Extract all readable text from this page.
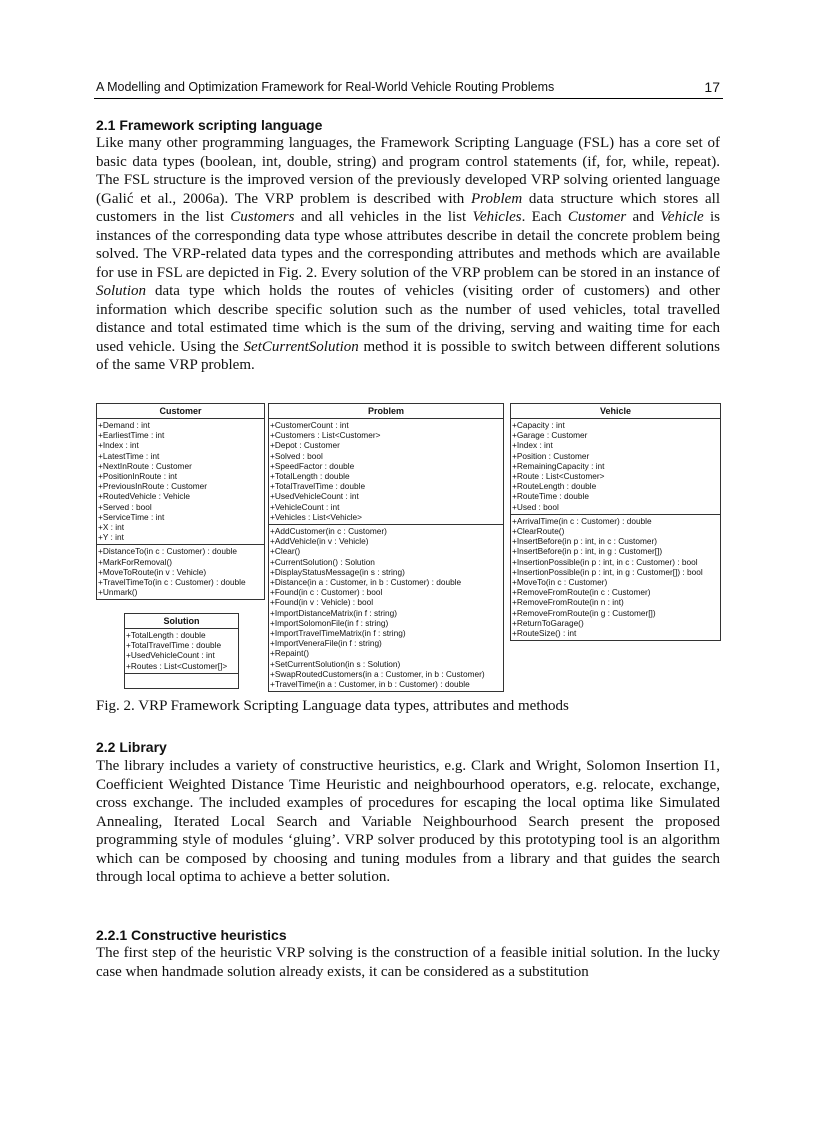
A Modelling and Optimization Framework for Real-World Vehicle Routing Problems	17
2.1 Framework scripting language

Like many other programming languages, the Framework Scripting Language (FSL) has a core set of basic data types (boolean, int, double, string) and program control statements (if, for, while, repeat). The FSL structure is the improved version of the previously developed VRP solving oriented language (Galić et al., 2006a). The VRP problem is described with Problem data structure which stores all customers in the list Customers and all vehicles in the list Vehicles. Each Customer and Vehicle is instances of the corresponding data type whose attributes describe in detail the concrete problem being solved. The VRP-related data types and the corresponding attributes and methods which are available for use in FSL are depicted in Fig. 2. Every solution of the VRP problem can be stored in an instance of Solution data type which holds the routes of vehicles (visiting order of customers) and other information which describe specific solution such as the number of used vehicles, total travelled distance and total estimated time which is the sum of the driving, serving and waiting time for each used vehicle. Using the SetCurrentSolution method it is possible to switch between different solutions of the same VRP problem.

Customer
+Demand : int
+EarliestTime : int
+Index : int
+LatestTime : int
+NextInRoute : Customer
+PositionInRoute : int
+PreviousInRoute : Customer
+RoutedVehicle : Vehicle
+Served : bool
+ServiceTime : int
+X : int
+Y : int
+DistanceTo(in c : Customer) : double
+MarkForRemoval()
+MoveToRoute(in v : Vehicle)
+TravelTimeTo(in c : Customer) : double
+Unmark()
Problem
+CustomerCount : int
+Customers : List<Customer>
+Depot : Customer
+Solved : bool
+SpeedFactor : double
+TotalLength : double
+TotalTravelTime : double
+UsedVehicleCount : int
+VehicleCount : int
+Vehicles : List<Vehicle>
+AddCustomer(in c : Customer)
+AddVehicle(in v : Vehicle)
+Clear()
+CurrentSolution() : Solution
+DisplayStatusMessage(in s : string)
+Distance(in a : Customer, in b : Customer) : double
+Found(in c : Customer) : bool
+Found(in v : Vehicle) : bool
+ImportDistanceMatrix(in f : string)
+ImportSolomonFile(in f : string)
+ImportTravelTimeMatrix(in f : string)
+ImportVeneraFile(in f : string)
+Repaint()
+SetCurrentSolution(in s : Solution)
+SwapRoutedCustomers(in a : Customer, in b : Customer)
+TravelTime(in a : Customer, in b : Customer) : double
Vehicle
+Capacity : int
+Garage : Customer
+Index : int
+Position : Customer
+RemainingCapacity : int
+Route : List<Customer>
+RouteLength : double
+RouteTime : double
+Used : bool
+ArrivalTime(in c : Customer) : double
+ClearRoute()
+InsertBefore(in p : int, in c : Customer)
+InsertBefore(in p : int, in g : Customer[])
+InsertionPossible(in p : int, in c : Customer) : bool
+InsertionPossible(in p : int, in g : Customer[]) : bool
+MoveTo(in c : Customer)
+RemoveFromRoute(in c : Customer)
+RemoveFromRoute(in n : int)
+RemoveFromRoute(in g : Customer[])
+ReturnToGarage()
+RouteSize() : int
Solution
+TotalLength : double
+TotalTravelTime : double
+UsedVehicleCount : int
+Routes : List<Customer[]>
Fig. 2. VRP Framework Scripting Language data types, attributes and methods
2.2 Library

The library includes a variety of constructive heuristics, e.g. Clark and Wright, Solomon Insertion I1, Coefficient Weighted Distance Time Heuristic and neighbourhood operators, e.g. relocate, exchange, cross exchange. The included examples of procedures for escaping the local optima like Simulated Annealing, Iterated Local Search and Variable Neighbourhood Search present the proposed programming style of modules ‘gluing’. VRP solver produced by this prototyping tool is an algorithm which can be composed by choosing and tuning modules from a library and that guides the search through local optima to achieve a better solution.

2.2.1 Constructive heuristics

The first step of the heuristic VRP solving is the construction of a feasible initial solution. In the lucky case when handmade solution already exists, it can be considered as a substitution
